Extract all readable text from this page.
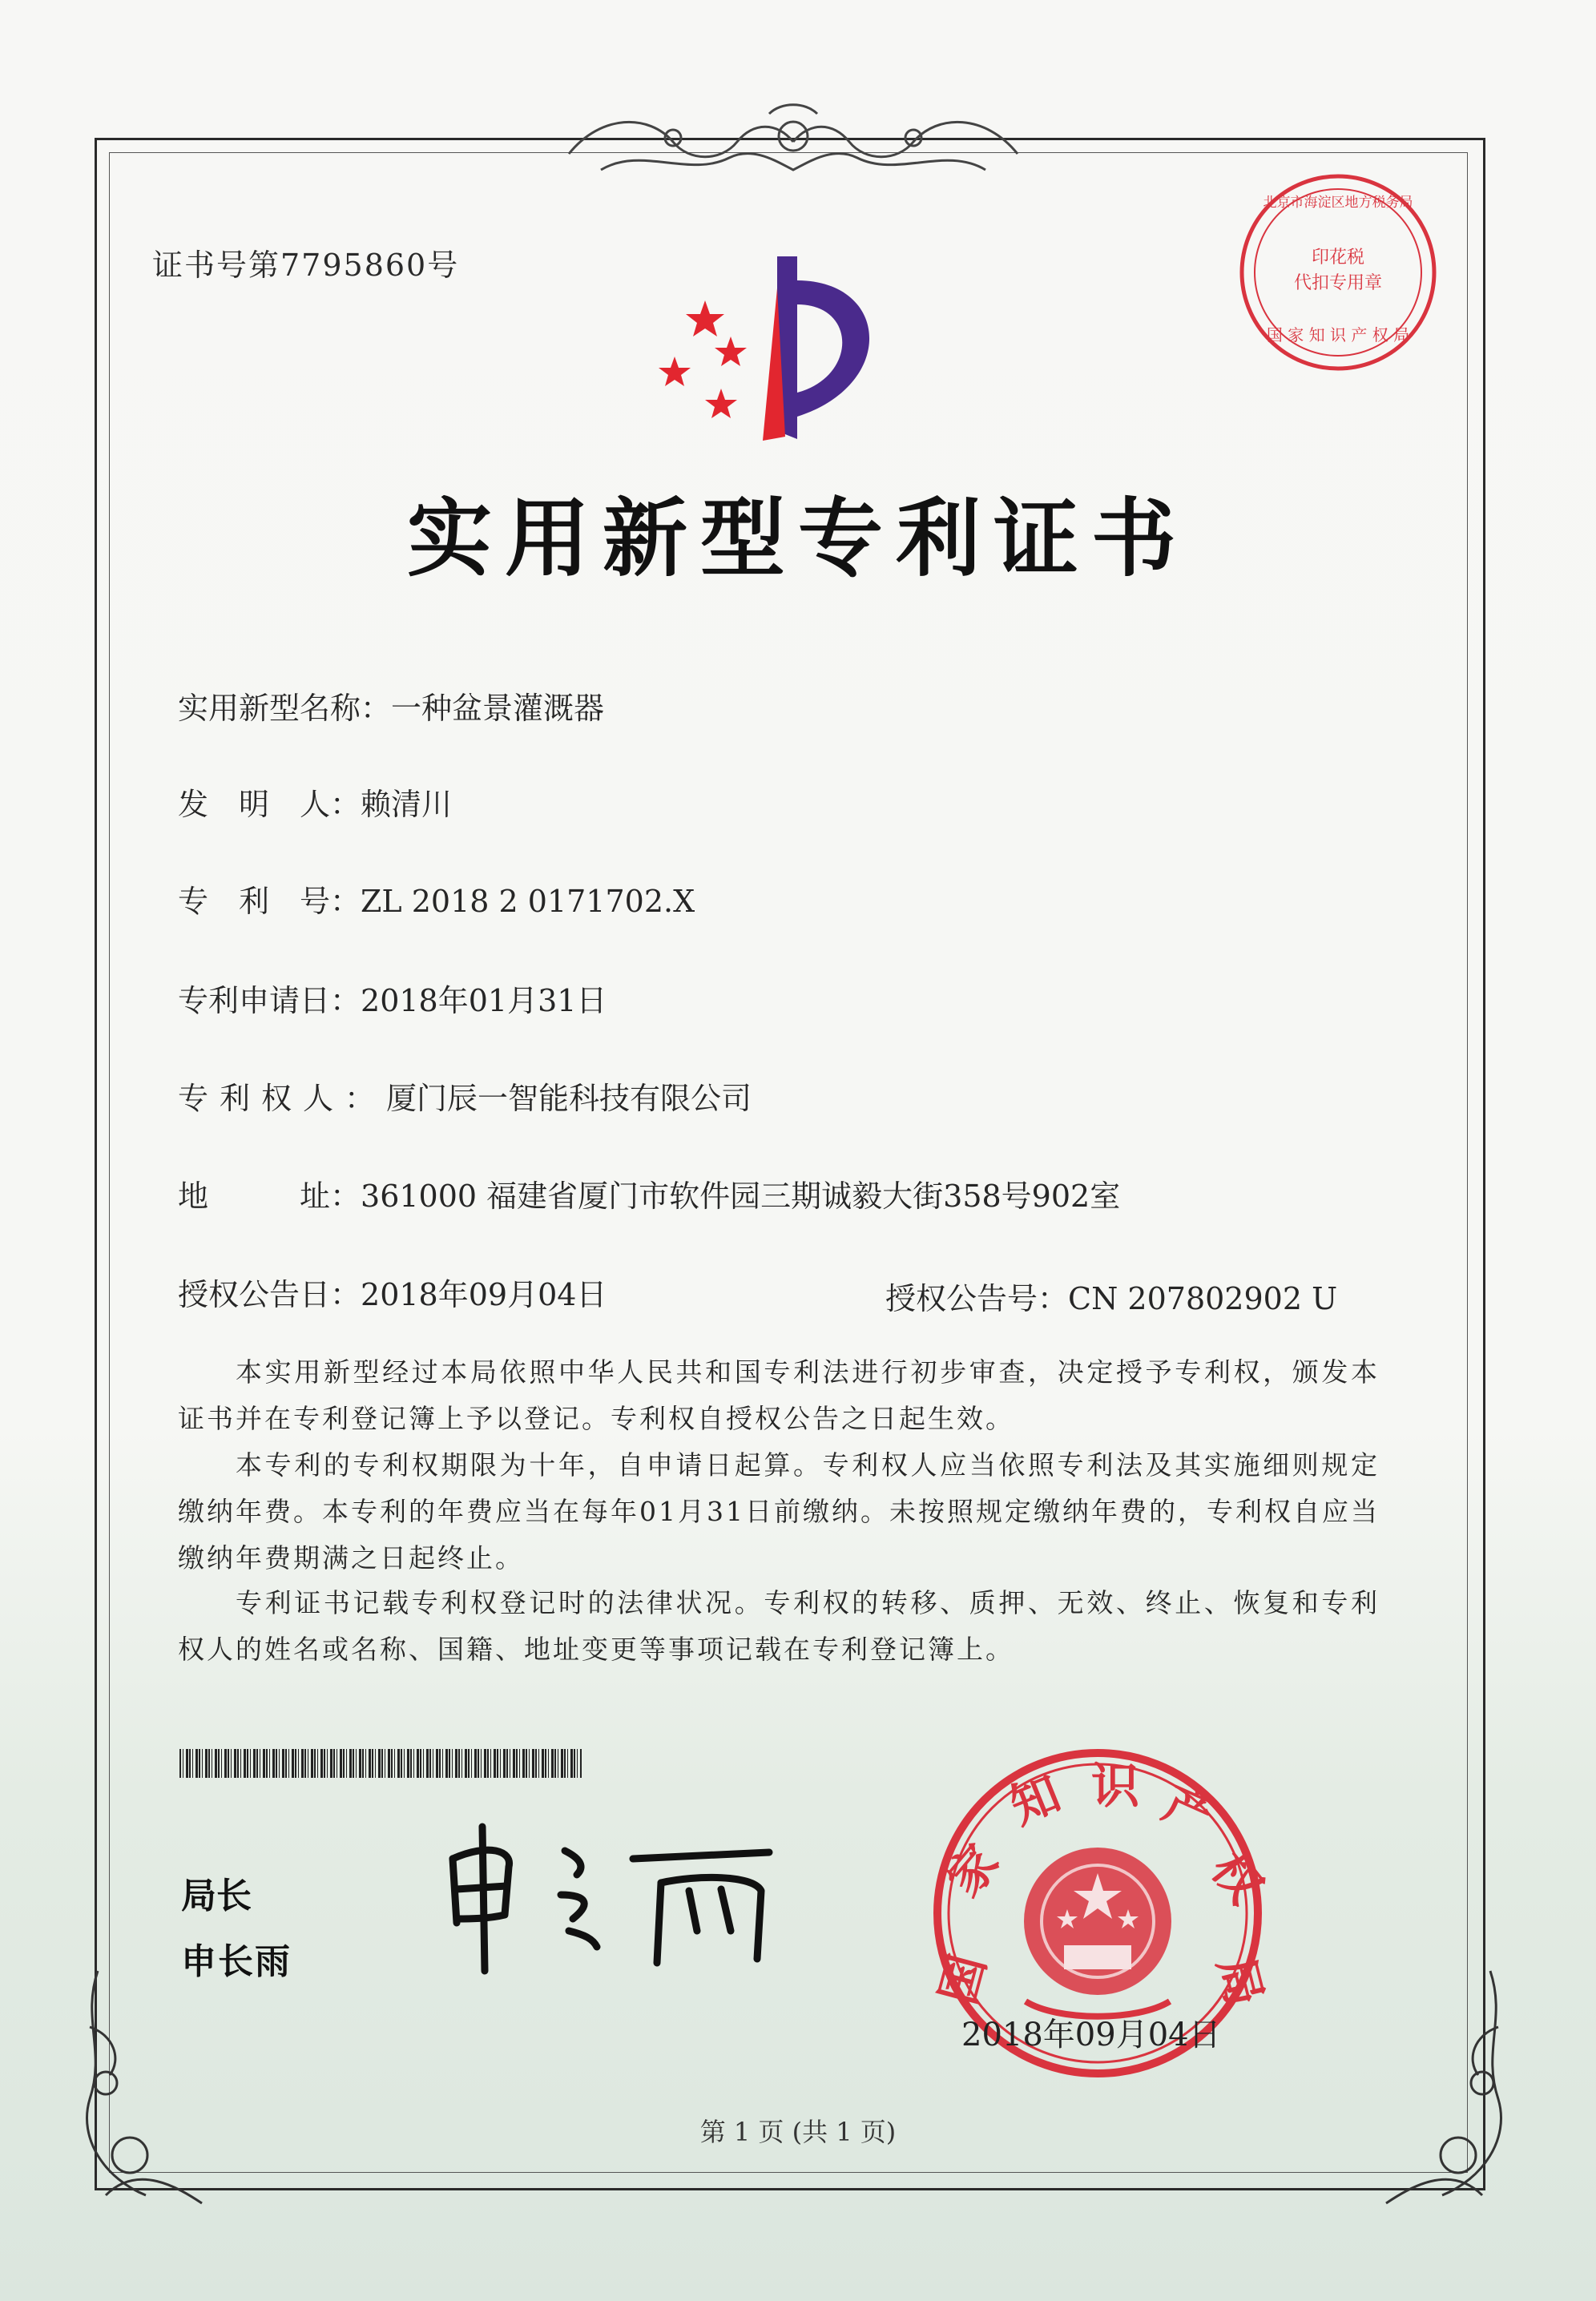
证书号第7795860号
实用新型专利证书
实用新型名称：一种盆景灌溉器
发　明　人：赖清川
专　利　号：ZL 2018 2 0171702.X
专利申请日：2018年01月31日
专利权人：厦门辰一智能科技有限公司
地　　　址：361000 福建省厦门市软件园三期诚毅大街358号902室
授权公告日：2018年09月04日	授权公告号：CN 207802902 U
本实用新型经过本局依照中华人民共和国专利法进行初步审查，决定授予专利权，颁发本证书并在专利登记簿上予以登记。专利权自授权公告之日起生效。
本专利的专利权期限为十年，自申请日起算。专利权人应当依照专利法及其实施细则规定缴纳年费。本专利的年费应当在每年01月31日前缴纳。未按照规定缴纳年费的，专利权自应当缴纳年费期满之日起终止。
专利证书记载专利权登记时的法律状况。专利权的转移、质押、无效、终止、恢复和专利权人的姓名或名称、国籍、地址变更等事项记载在专利登记簿上。
局长
申长雨	国
家
知 识 产
权
局
2018年09月04日
印花税
代扣专用章
国 家 知 识 产 权 局
北京市海淀区地方税务局
第 1 页 (共 1 页)
